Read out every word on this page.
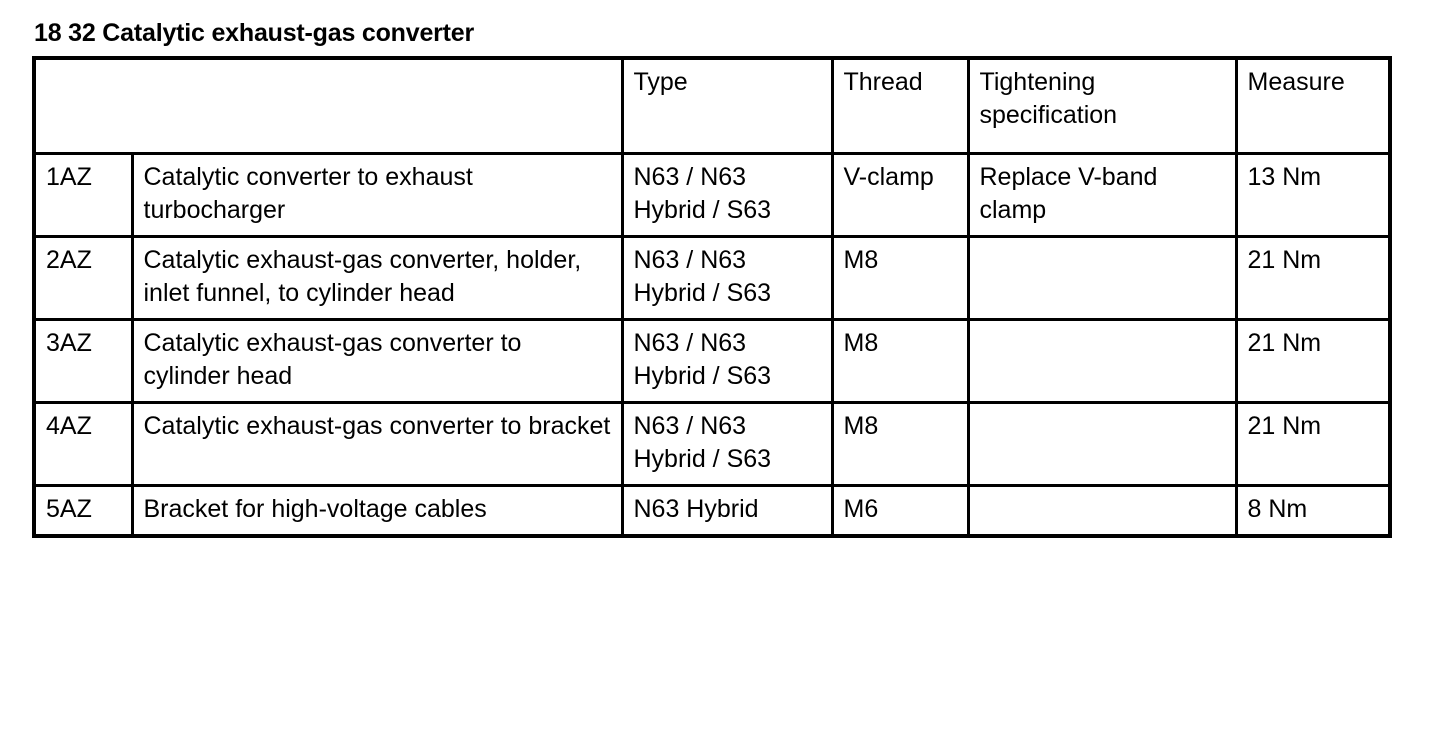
18 32 Catalytic exhaust-gas converter
		Type	Thread	Tightening specification	Measure
1AZ	Catalytic converter to exhaust turbocharger	N63 / N63 Hybrid / S63	V-clamp	Replace V-band clamp	13 Nm
2AZ	Catalytic exhaust-gas converter, holder, inlet funnel, to cylinder head	N63 / N63 Hybrid / S63	M8		21 Nm
3AZ	Catalytic exhaust-gas converter to cylinder head	N63 / N63 Hybrid / S63	M8		21 Nm
4AZ	Catalytic exhaust-gas converter to bracket	N63 / N63 Hybrid / S63	M8		21 Nm
5AZ	Bracket for high-voltage cables	N63 Hybrid	M6		8 Nm
